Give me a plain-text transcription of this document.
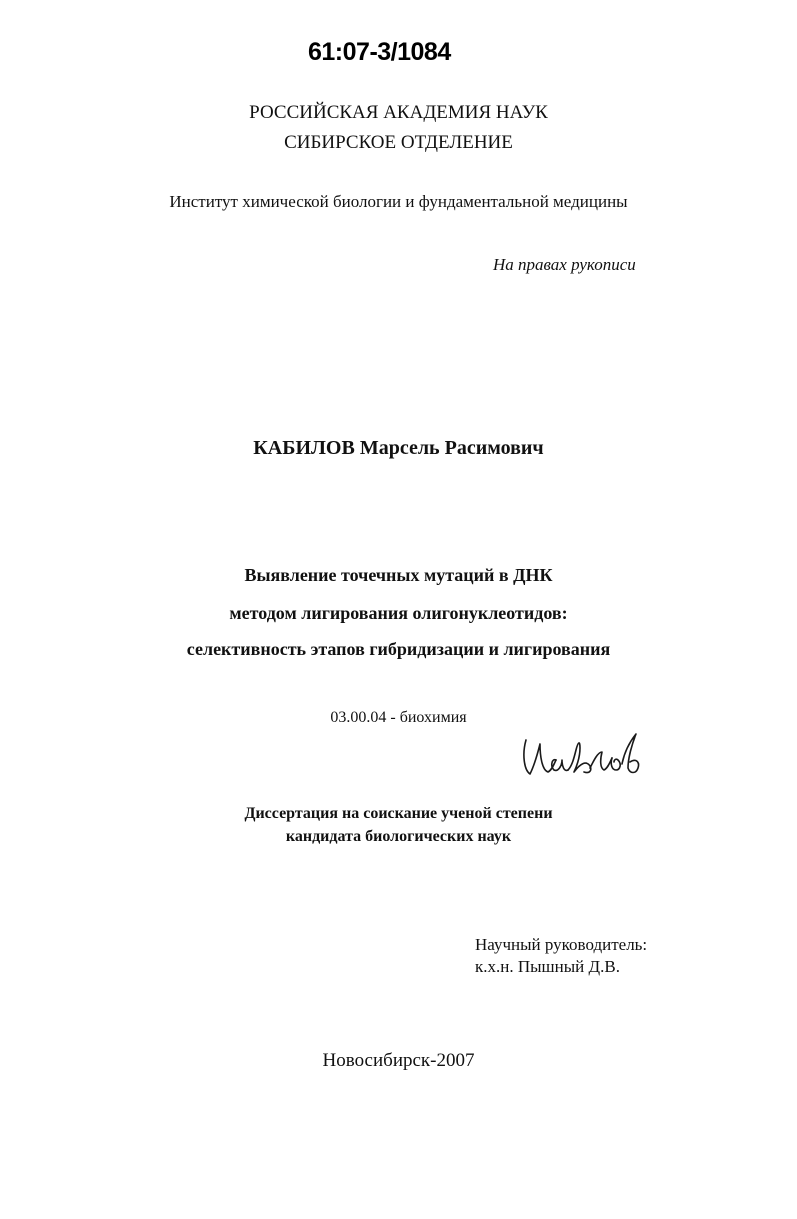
61:07-3/1084
РОССИЙСКАЯ АКАДЕМИЯ НАУК
СИБИРСКОЕ ОТДЕЛЕНИЕ
Институт химической биологии и фундаментальной медицины
На правах рукописи
КАБИЛОВ Марсель Расимович
Выявление точечных мутаций в ДНК
методом лигирования олигонуклеотидов:
селективность этапов гибридизации и лигирования
03.00.04 - биохимия
Диссертация на соискание ученой степени
кандидата биологических наук
Научный руководитель:
к.х.н. Пышный Д.В.
Новосибирск-2007
